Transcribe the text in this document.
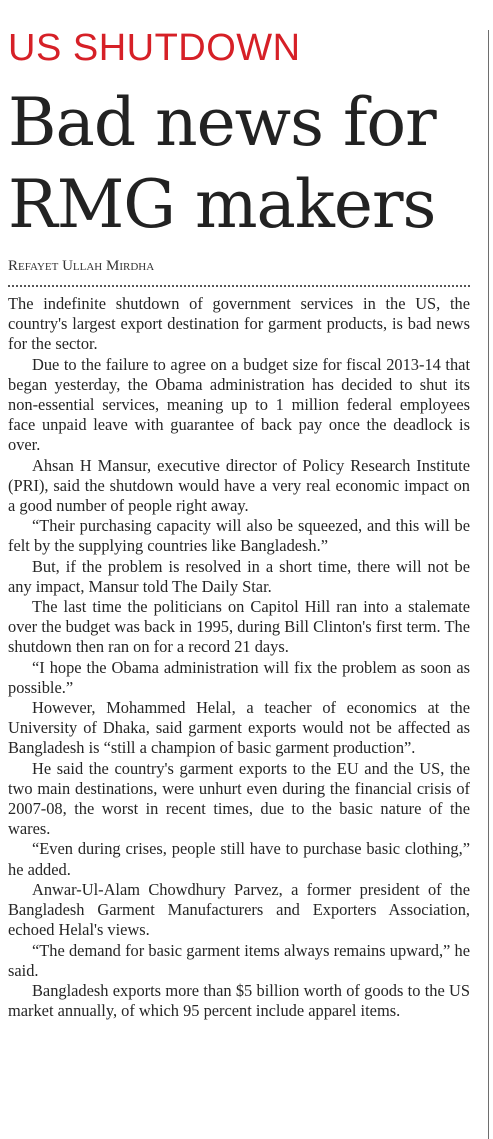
US SHUTDOWN
Bad news for
RMG makers
Refayet Ullah Mirdha

The indefinite shutdown of government services in the US, the country's largest export destination for garment products, is bad news for the sector.

Due to the failure to agree on a budget size for fiscal 2013-14 that began yesterday, the Obama administration has decided to shut its non-essential services, meaning up to 1 million federal employees face unpaid leave with guarantee of back pay once the deadlock is over.

Ahsan H Mansur, executive director of Policy Research Institute (PRI), said the shutdown would have a very real economic impact on a good number of people right away.

“Their purchasing capacity will also be squeezed, and this will be felt by the supplying countries like Bangladesh.”

But, if the problem is resolved in a short time, there will not be any impact, Mansur told The Daily Star.

The last time the politicians on Capitol Hill ran into a stalemate over the budget was back in 1995, during Bill Clinton's first term. The shutdown then ran on for a record 21 days.

“I hope the Obama administration will fix the problem as soon as possible.”

However, Mohammed Helal, a teacher of economics at the University of Dhaka, said garment exports would not be affected as Bangladesh is “still a champion of basic garment production”.

He said the country's garment exports to the EU and the US, the two main destinations, were unhurt even during the financial crisis of 2007-08, the worst in recent times, due to the basic nature of the wares.

“Even during crises, people still have to purchase basic clothing,” he added.

Anwar-Ul-Alam Chowdhury Parvez, a former president of the Bangladesh Garment Manufacturers and Exporters Association, echoed Helal's views.

“The demand for basic garment items always remains upward,” he said.

Bangladesh exports more than $5 billion worth of goods to the US market annually, of which 95 percent include apparel items.
